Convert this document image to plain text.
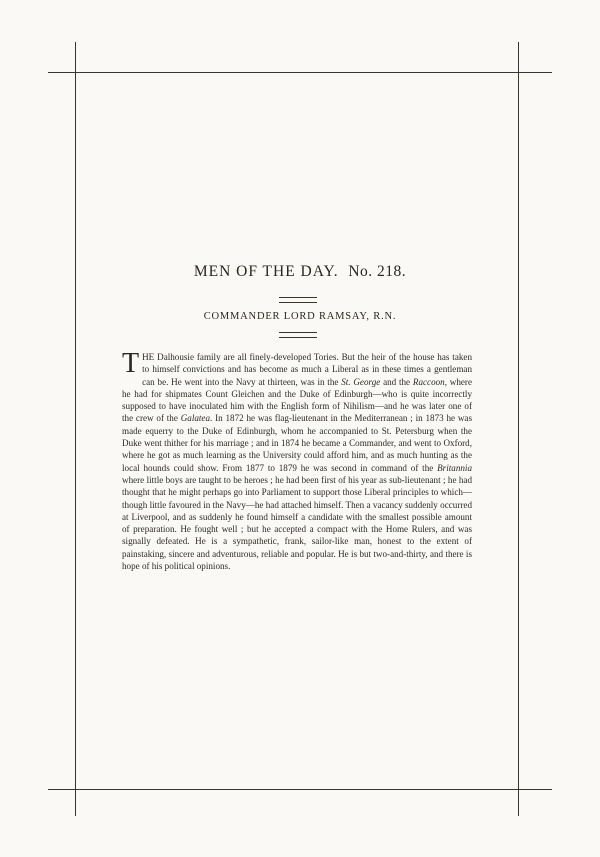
MEN OF THE DAY. No. 218.
COMMANDER LORD RAMSAY, R.N.
THE Dalhousie family are all finely-developed Tories. But the heir of the house has taken to himself convictions and has become as much a Liberal as in these times a gentleman can be. He went into the Navy at thirteen, was in the St. George and the Raccoon, where he had for shipmates Count Gleichen and the Duke of Edinburgh—who is quite incorrectly supposed to have inoculated him with the English form of Nihilism—and he was later one of the crew of the Galatea. In 1872 he was flag-lieutenant in the Mediterranean ; in 1873 he was made equerry to the Duke of Edinburgh, whom he accompanied to St. Petersburg when the Duke went thither for his marriage ; and in 1874 he became a Commander, and went to Oxford, where he got as much learning as the University could afford him, and as much hunting as the local hounds could show. From 1877 to 1879 he was second in command of the Britannia where little boys are taught to be heroes ; he had been first of his year as sub-lieutenant ; he had thought that he might perhaps go into Parliament to support those Liberal principles to which—though little favoured in the Navy—he had attached himself. Then a vacancy suddenly occurred at Liverpool, and as suddenly he found himself a candidate with the smallest possible amount of preparation. He fought well ; but he accepted a compact with the Home Rulers, and was signally defeated. He is a sympathetic, frank, sailor-like man, honest to the extent of painstaking, sincere and adventurous, reliable and popular. He is but two-and-thirty, and there is hope of his political opinions.
